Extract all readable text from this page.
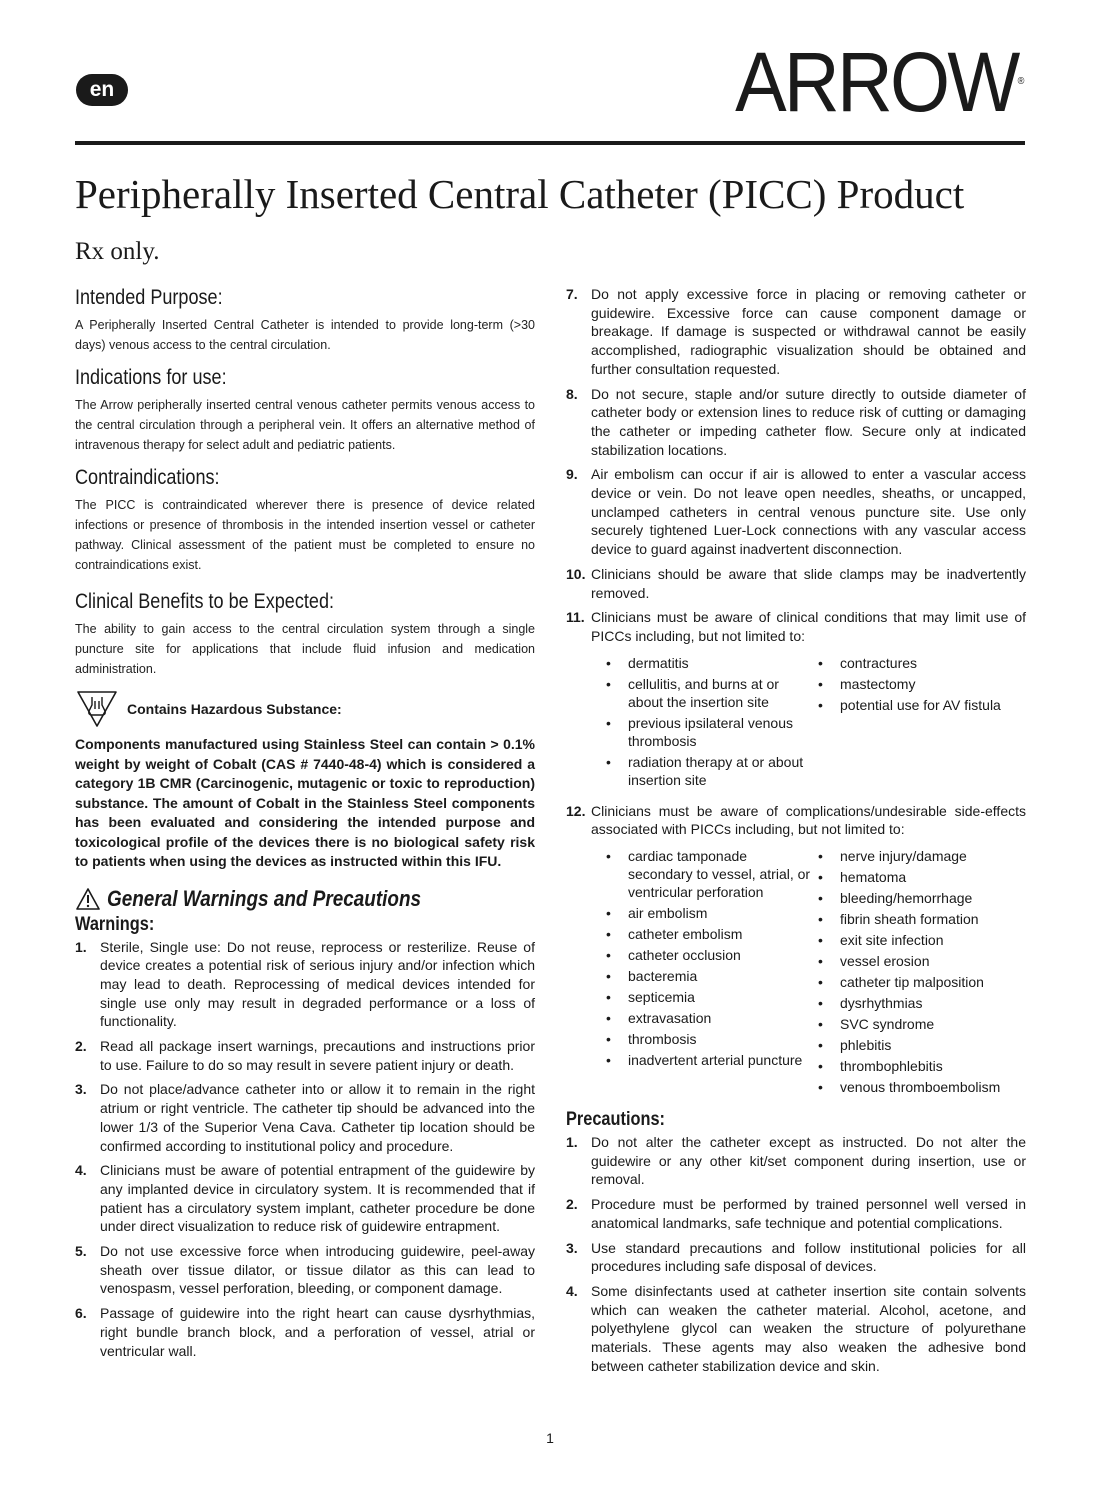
en	ARROW®
Peripherally Inserted Central Catheter (PICC) Product
Rx only.
Intended Purpose:

A Peripherally Inserted Central Catheter is intended to provide long-term (>30 days) venous access to the central circulation.

Indications for use:

The Arrow peripherally inserted central venous catheter permits venous access to the central circulation through a peripheral vein. It offers an alternative method of intravenous therapy for select adult and pediatric patients.

Contraindications:

The PICC is contraindicated wherever there is presence of device related infections or presence of thrombosis in the intended insertion vessel or catheter pathway. Clinical assessment of the patient must be completed to ensure no contraindications exist.

Clinical Benefits to be Expected:

The ability to gain access to the central circulation system through a single puncture site for applications that include fluid infusion and medication administration.

Contains Hazardous Substance:

Components manufactured using Stainless Steel can contain > 0.1% weight by weight of Cobalt (CAS # 7440-48-4) which is considered a category 1B CMR (Carcinogenic, mutagenic or toxic to reproduction) substance. The amount of Cobalt in the Stainless Steel components has been evaluated and considering the intended purpose and toxicological profile of the devices there is no biological safety risk to patients when using the devices as instructed within this IFU.

General Warnings and Precautions
Warnings:
1. Sterile, Single use: Do not reuse, reprocess or resterilize. Reuse of device creates a potential risk of serious injury and/or infection which may lead to death. Reprocessing of medical devices intended for single use only may result in degraded performance or a loss of functionality.
2. Read all package insert warnings, precautions and instructions prior to use. Failure to do so may result in severe patient injury or death.
3. Do not place/advance catheter into or allow it to remain in the right atrium or right ventricle. The catheter tip should be advanced into the lower 1/3 of the Superior Vena Cava. Catheter tip location should be confirmed according to institutional policy and procedure.
4. Clinicians must be aware of potential entrapment of the guidewire by any implanted device in circulatory system. It is recommended that if patient has a circulatory system implant, catheter procedure be done under direct visualization to reduce risk of guidewire entrapment.
5. Do not use excessive force when introducing guidewire, peel-away sheath over tissue dilator, or tissue dilator as this can lead to venospasm, vessel perforation, bleeding, or component damage.
6. Passage of guidewire into the right heart can cause dysrhythmias, right bundle branch block, and a perforation of vessel, atrial or ventricular wall.
7. Do not apply excessive force in placing or removing catheter or guidewire. Excessive force can cause component damage or breakage. If damage is suspected or withdrawal cannot be easily accomplished, radiographic visualization should be obtained and further consultation requested.
8. Do not secure, staple and/or suture directly to outside diameter of catheter body or extension lines to reduce risk of cutting or damaging the catheter or impeding catheter flow. Secure only at indicated stabilization locations.
9. Air embolism can occur if air is allowed to enter a vascular access device or vein. Do not leave open needles, sheaths, or uncapped, unclamped catheters in central venous puncture site. Use only securely tightened Luer-Lock connections with any vascular access device to guard against inadvertent disconnection.
10. Clinicians should be aware that slide clamps may be inadvertently removed.
11. Clinicians must be aware of clinical conditions that may limit use of PICCs including, but not limited to:
• dermatitis
• cellulitis, and burns at or about the insertion site
• previous ipsilateral venous thrombosis
• radiation therapy at or about insertion site
• contractures
• mastectomy
• potential use for AV fistula
12. Clinicians must be aware of complications/undesirable side-effects associated with PICCs including, but not limited to:
• cardiac tamponade secondary to vessel, atrial, or ventricular perforation
• air embolism
• catheter embolism
• catheter occlusion
• bacteremia
• septicemia
• extravasation
• thrombosis
• inadvertent arterial puncture
• nerve injury/damage
• hematoma
• bleeding/hemorrhage
• fibrin sheath formation
• exit site infection
• vessel erosion
• catheter tip malposition
• dysrhythmias
• SVC syndrome
• phlebitis
• thrombophlebitis
• venous thromboembolism
Precautions:
1. Do not alter the catheter except as instructed. Do not alter the guidewire or any other kit/set component during insertion, use or removal.
2. Procedure must be performed by trained personnel well versed in anatomical landmarks, safe technique and potential complications.
3. Use standard precautions and follow institutional policies for all procedures including safe disposal of devices.
4. Some disinfectants used at catheter insertion site contain solvents which can weaken the catheter material. Alcohol, acetone, and polyethylene glycol can weaken the structure of polyurethane materials. These agents may also weaken the adhesive bond between catheter stabilization device and skin.
1
